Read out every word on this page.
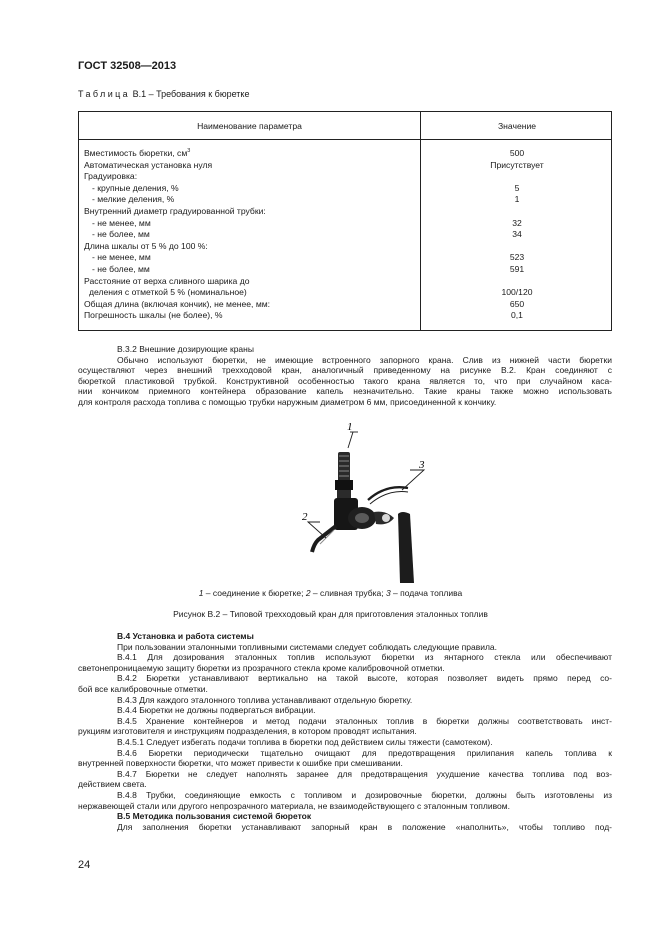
ГОСТ 32508—2013
Таблица В.1 – Требования к бюретке
Наименование параметра	Значение
Вместимость бюретки, $см^3$	500
Автоматическая установка нуля	Присутствует
Градуировка:
- крупные деления, %	5
- мелкие деления, %	1
Внутренний диаметр градуированной трубки:
- не менее, мм	32
- не более, мм	34
Длина шкалы от 5 % до 100 %:
- не менее, мм	523
- не более, мм	591
Расстояние от верха сливного шарика до
деления с отметкой 5 % (номинальное)	100/120
Общая длина (включая кончик), не менее, мм:	650
Погрешность шкалы (не более), %	0,1
В.3.2 Внешние дозирующие краны
Обычно используют бюретки, не имеющие встроенного запорного крана. Слив из нижней части бюретки
осуществляют через внешний трехходовой кран, аналогичный приведенному на рисунке В.2. Кран соединяют с
бюреткой пластиковой трубкой. Конструктивной особенностью такого крана является то, что при случайном каса-
нии кончиком приемного контейнера образование капель незначительно. Такие краны также можно использовать
для контроля расхода топлива с помощью трубки наружным диаметром 6 мм, присоединенной к кончику.
1
2
3
1 – соединение к бюретке; 2 – сливная трубка; 3 – подача топлива
Рисунок В.2 – Типовой трехходовый кран для приготовления эталонных топлив
В.4 Установка и работа системы
При пользовании эталонными топливными системами следует соблюдать следующие правила.
В.4.1 Для дозирования эталонных топлив используют бюретки из янтарного стекла или обеспечивают
светонепроницаемую защиту бюретки из прозрачного стекла кроме калибровочной отметки.
В.4.2 Бюретки устанавливают вертикально на такой высоте, которая позволяет видеть прямо перед со-
бой все калибровочные отметки.
В.4.3 Для каждого эталонного топлива устанавливают отдельную бюретку.
В.4.4 Бюретки не должны подвергаться вибрации.
В.4.5 Хранение контейнеров и метод подачи эталонных топлив в бюретки должны соответствовать инст-
рукциям изготовителя и инструкциям подразделения, в котором проводят испытания.
В.4.5.1 Следует избегать подачи топлива в бюретки под действием силы тяжести (самотеком).
В.4.6 Бюретки периодически тщательно очищают для предотвращения прилипания капель топлива к
внутренней поверхности бюретки, что может привести к ошибке при смешивании.
В.4.7 Бюретки не следует наполнять заранее для предотвращения ухудшение качества топлива под воз-
действием света.
В.4.8 Трубки, соединяющие емкость с топливом и дозировочные бюретки, должны быть изготовлены из
нержавеющей стали или другого непрозрачного материала, не взаимодействующего с эталонным топливом.
В.5 Методика пользования системой бюреток
Для заполнения бюретки устанавливают запорный кран в положение «наполнить», чтобы топливо под-
24
